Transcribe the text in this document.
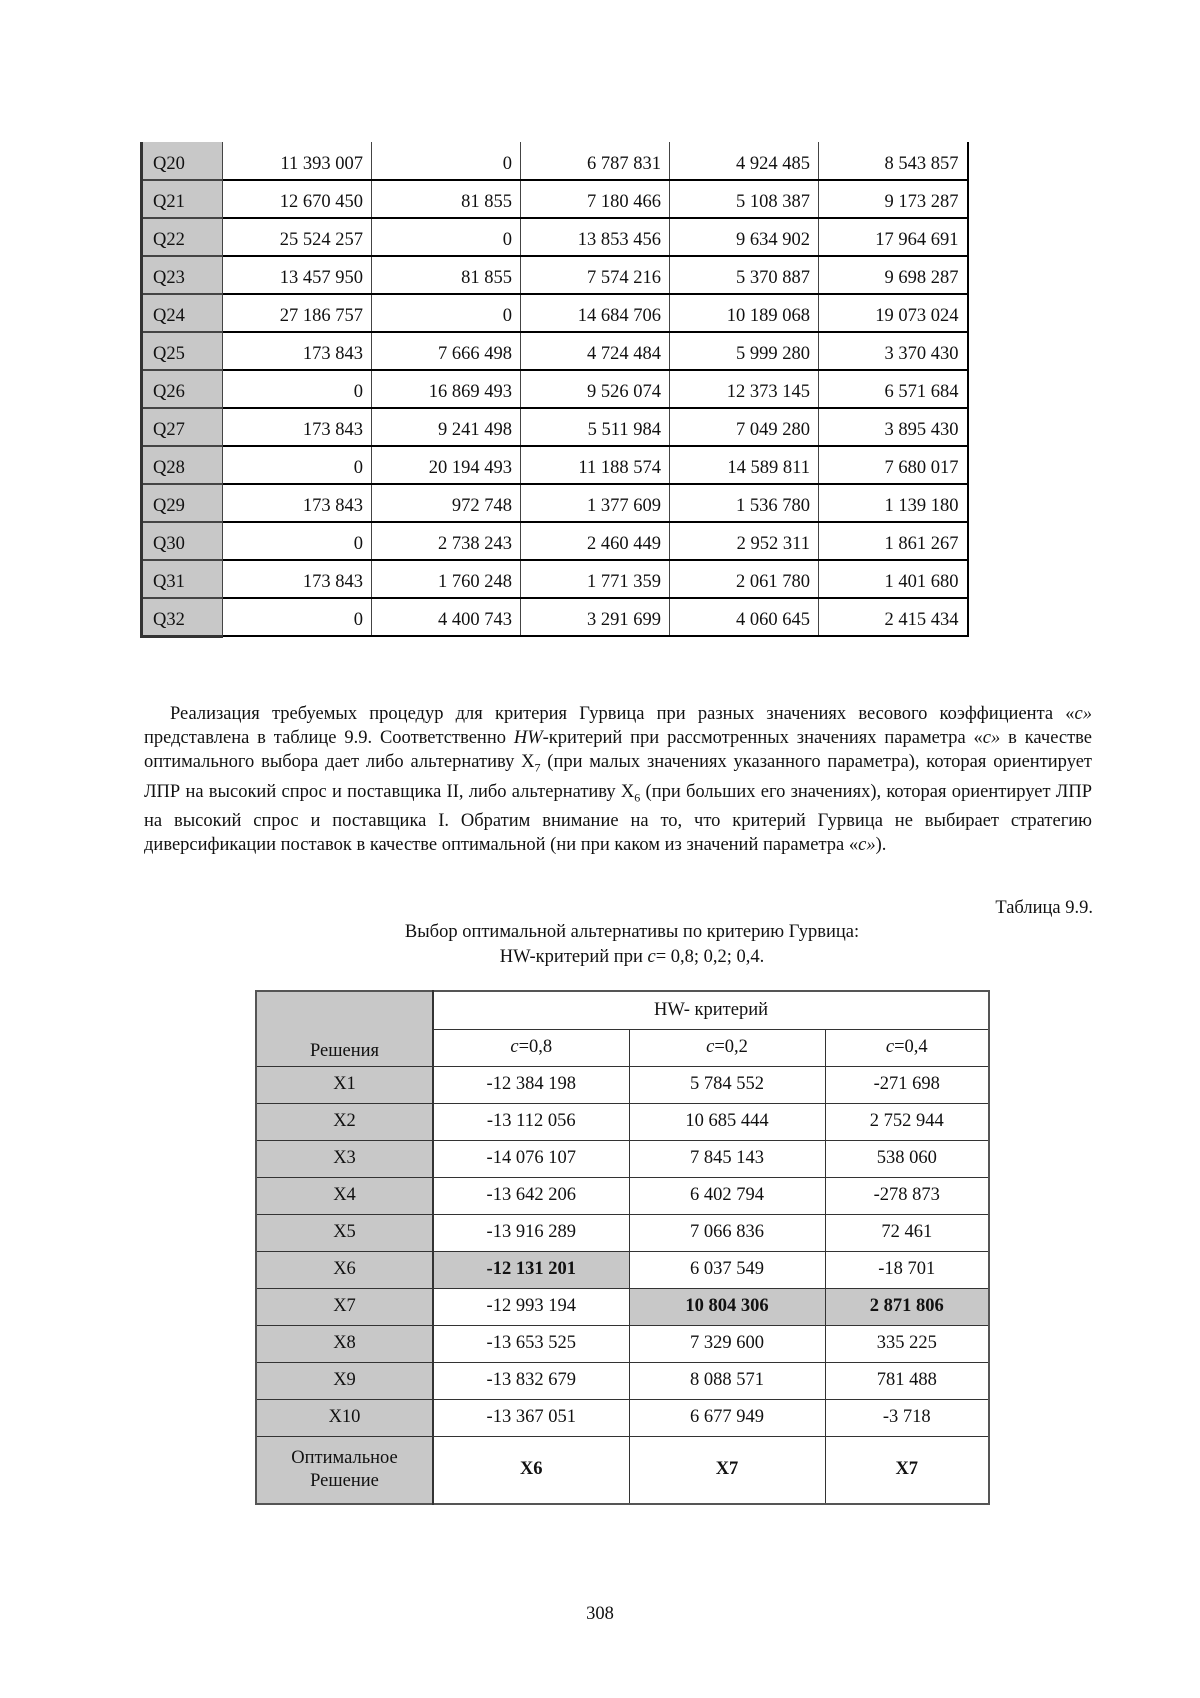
Q20	11 393 007	0	6 787 831	4 924 485	8 543 857
Q21	12 670 450	81 855	7 180 466	5 108 387	9 173 287
Q22	25 524 257	0	13 853 456	9 634 902	17 964 691
Q23	13 457 950	81 855	7 574 216	5 370 887	9 698 287
Q24	27 186 757	0	14 684 706	10 189 068	19 073 024
Q25	173 843	7 666 498	4 724 484	5 999 280	3 370 430
Q26	0	16 869 493	9 526 074	12 373 145	6 571 684
Q27	173 843	9 241 498	5 511 984	7 049 280	3 895 430
Q28	0	20 194 493	11 188 574	14 589 811	7 680 017
Q29	173 843	972 748	1 377 609	1 536 780	1 139 180
Q30	0	2 738 243	2 460 449	2 952 311	1 861 267
Q31	173 843	1 760 248	1 771 359	2 061 780	1 401 680
Q32	0	4 400 743	3 291 699	4 060 645	2 415 434

Реализация требуемых процедур для критерия Гурвица при разных значениях весового коэффициента «с» представлена в таблице 9.9. Соответственно HW-критерий при рассмотренных значениях параметра «с» в качестве оптимального выбора дает либо альтернативу $Х_7$ (при малых значениях указанного параметра), которая ориентирует ЛПР на высокий спрос и поставщика II, либо альтернативу $Х_6$ (при больших его значениях), которая ориентирует ЛПР на высокий спрос и поставщика I. Обратим внимание на то, что критерий Гурвица не выбирает стратегию диверсификации поставок в качестве оптимальной (ни при каком из значений параметра «с»).

Таблица 9.9.

Выбор оптимальной альтернативы по критерию Гурвица:
HW-критерий при с= 0,8; 0,2; 0,4.
Решения	HW- критерий		
	с=0,8	с=0,2	с=0,4
X1	-12 384 198	5 784 552	-271 698
X2	-13 112 056	10 685 444	2 752 944
X3	-14 076 107	7 845 143	538 060
X4	-13 642 206	6 402 794	-278 873
X5	-13 916 289	7 066 836	72 461
X6	-12 131 201	6 037 549	-18 701
X7	-12 993 194	10 804 306	2 871 806
X8	-13 653 525	7 329 600	335 225
X9	-13 832 679	8 088 571	781 488
X10	-13 367 051	6 677 949	-3 718

Оптимальное
Решение	X6	X7	X7

308
